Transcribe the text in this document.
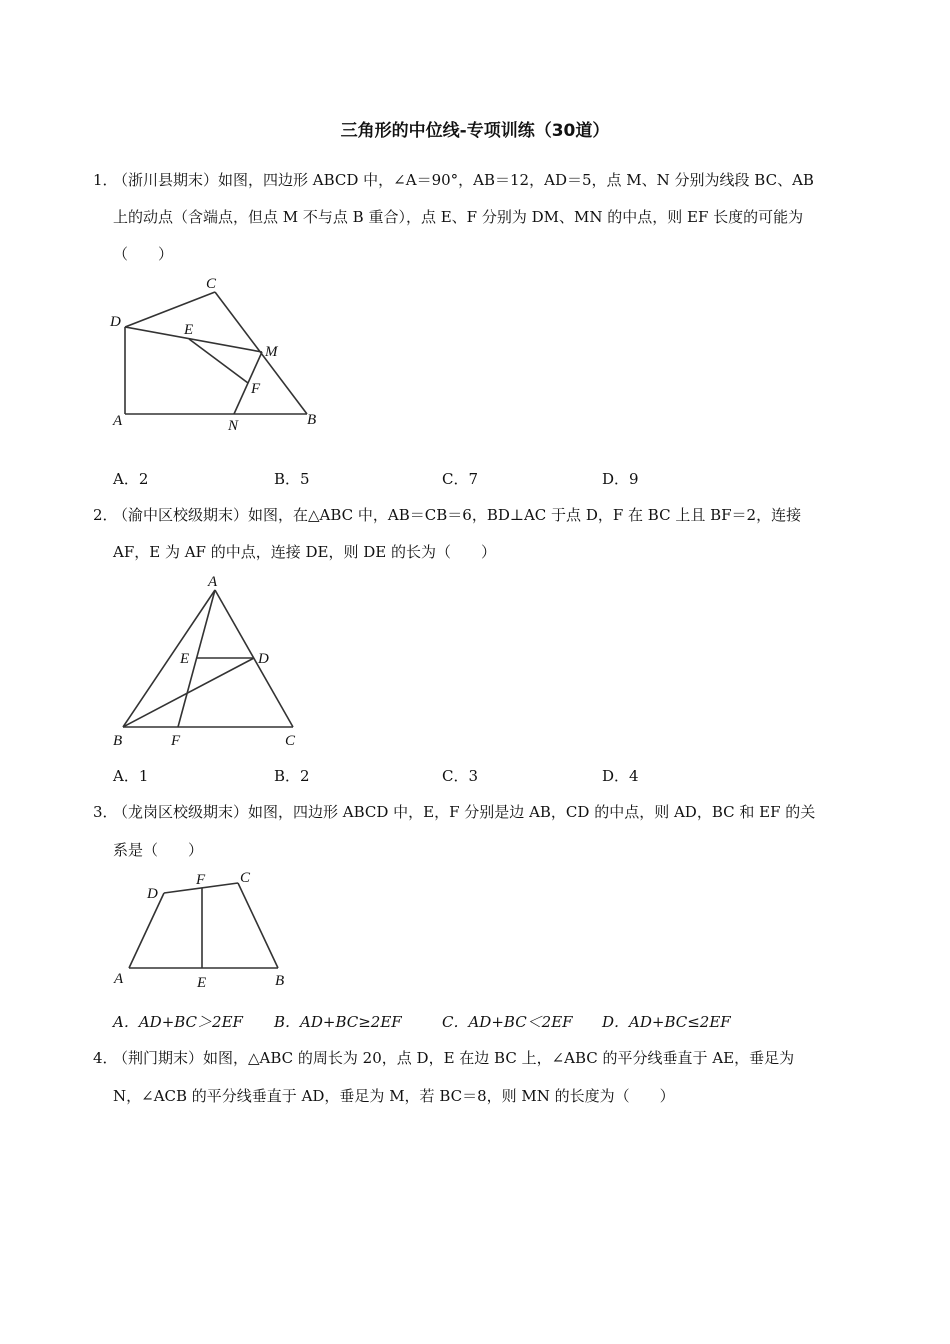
三角形的中位线-专项训练（30道）
1．（浙川县期末）如图，四边形 ABCD 中，∠A＝90°，AB＝12，AD＝5，点 M、N 分别为线段 BC、AB
上的动点（含端点，但点 M 不与点 B 重合），点 E、F 分别为 DM、MN 的中点，则 EF 长度的可能为
（　　）
C
D	E
M
F
A	N	B
A．2	B．5	C．7	D．9
2．（渝中区校级期末）如图，在△ABC 中，AB＝CB＝6，BD⊥AC 于点 D，F 在 BC 上且 BF＝2，连接
AF，E 为 AF 的中点，连接 DE，则 DE 的长为（　　）
A
E	D
B	F	C
A．1	B．2	C．3	D．4
3．（龙岗区校级期末）如图，四边形 ABCD 中，E，F 分别是边 AB，CD 的中点，则 AD，BC 和 EF 的关
系是（　　）
D
F C
A	E	B
A．AD+BC＞2EF B．AD+BC≥2EF	C．AD+BC＜2EF D．AD+BC≤2EF
4．（荆门期末）如图，△ABC 的周长为 20，点 D，E 在边 BC 上，∠ABC 的平分线垂直于 AE，垂足为
N，∠ACB 的平分线垂直于 AD，垂足为 M，若 BC＝8，则 MN 的长度为（　　）
